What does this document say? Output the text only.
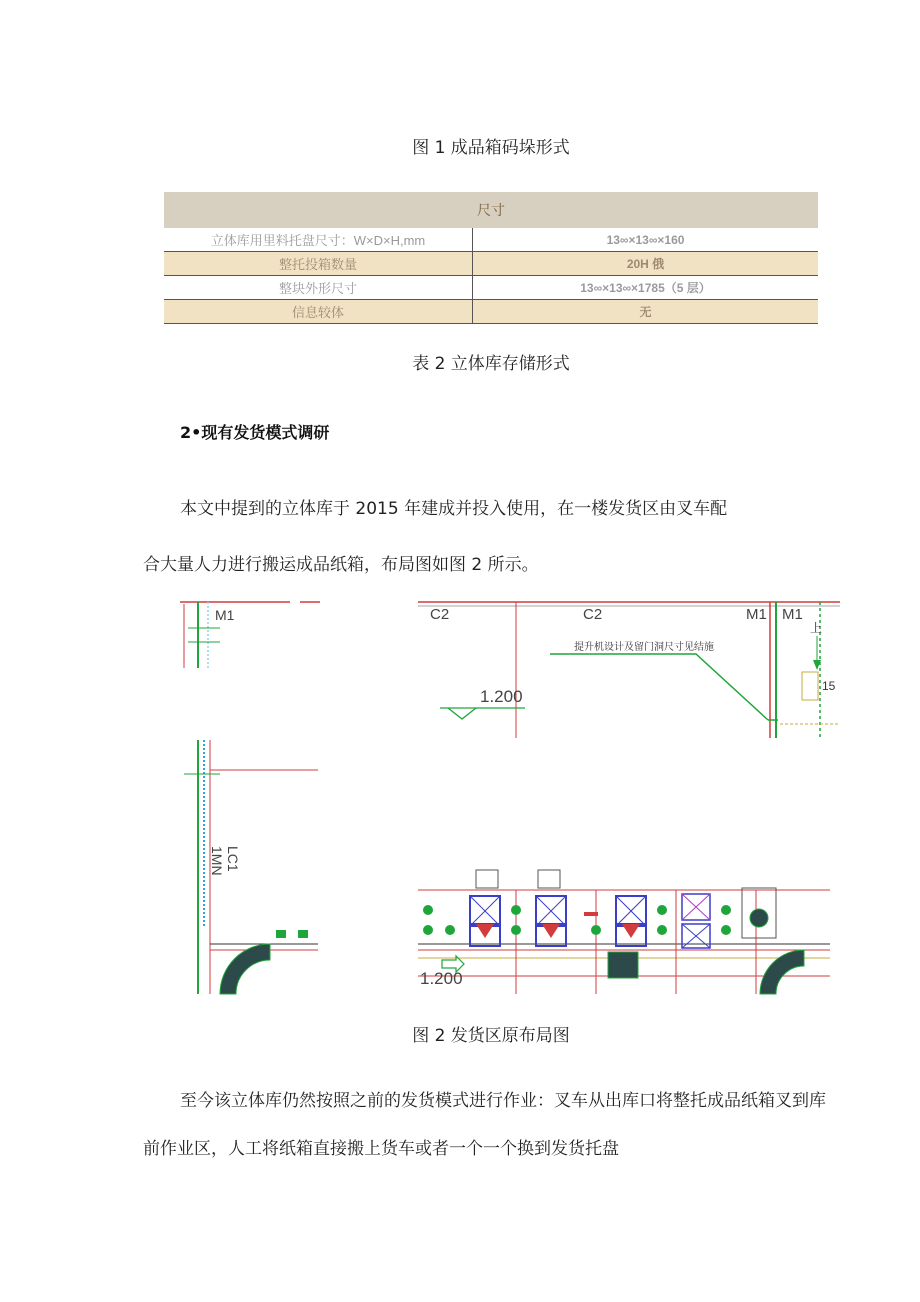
图 1 成品箱码垛形式
尺寸	
立体库用里料托盘尺寸：W×D×H,mm	13∞×13∞×160
整托投箱数量	20H 俄
整块外形尺寸	13∞×13∞×1785（5 层）
信息较体	无
表 2 立体库存储形式
2•现有发货模式调研
本文中提到的立体库于 2015 年建成并投入使用，在一楼发货区由叉车配
合大量人力进行搬运成品纸箱，布局图如图 2 所示。
M1	C2	C2	M1 M1
提升机设计及留门洞尺寸见结施
上
15
1.200
1MN LC1
1.200
图 2 发货区原布局图
至今该立体库仍然按照之前的发货模式进行作业：叉车从出库口将整托成品纸箱叉到库
前作业区，人工将纸箱直接搬上货车或者一个一个换到发货托盘
